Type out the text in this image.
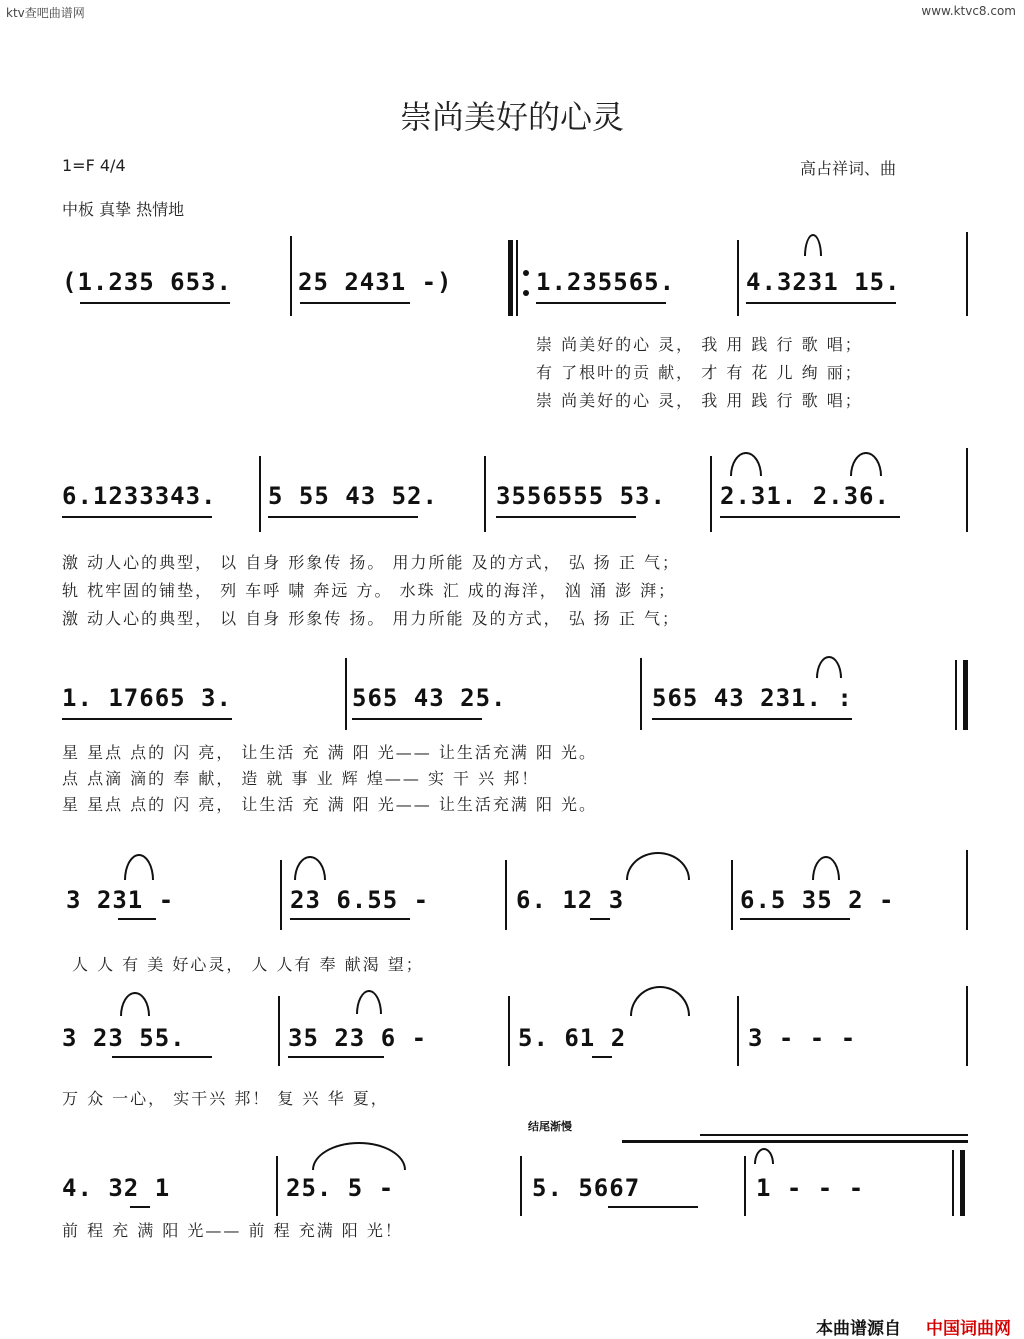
ktv查吧曲谱网	www.ktvc8.com
崇尚美好的心灵
1=F 4/4	高占祥词、曲
中板 真挚 热情地
(1.235 653.	25 2431 -)	1.235565.	4.3231 15.
崇 尚美好的心 灵， 我 用 践 行 歌 唱；
有 了根叶的贡 献， 才 有 花 儿 绚 丽；
崇 尚美好的心 灵， 我 用 践 行 歌 唱；
6.1233343. 5 55 43 52. 3556555 53. 2.31. 2.36.
激 动人心的典型， 以 自身 形象传 扬。 用力所能 及的方式， 弘 扬 正 气；
轨 枕牢固的铺垫， 列 车呼 啸 奔远 方。 水珠 汇 成的海洋， 汹 涌 澎 湃；
激 动人心的典型， 以 自身 形象传 扬。 用力所能 及的方式， 弘 扬 正 气；
1. 17665 3.	565 43 25.	565 43 231. :
星 星点 点的 闪 亮， 让生活 充 满 阳 光—— 让生活充满 阳 光。
点 点滴 滴的 奉 献， 造 就 事 业 辉 煌—— 实 干 兴 邦！
星 星点 点的 闪 亮， 让生活 充 满 阳 光—— 让生活充满 阳 光。
3 231 -	23 6.55 -	6. 12 3	6.5 35 2 -
人 人 有 美 好心灵， 人 人有 奉 献渴 望；
3 23 55.	35 23 6 -	5. 61 2	3 - - -
万 众 一心， 实干兴 邦！ 复 兴 华 夏，
结尾渐慢
4. 32 1	25. 5 -	5. 5667	1 - - -
前 程 充 满 阳 光—— 前 程 充满 阳 光！
本曲谱源自 中国词曲网
